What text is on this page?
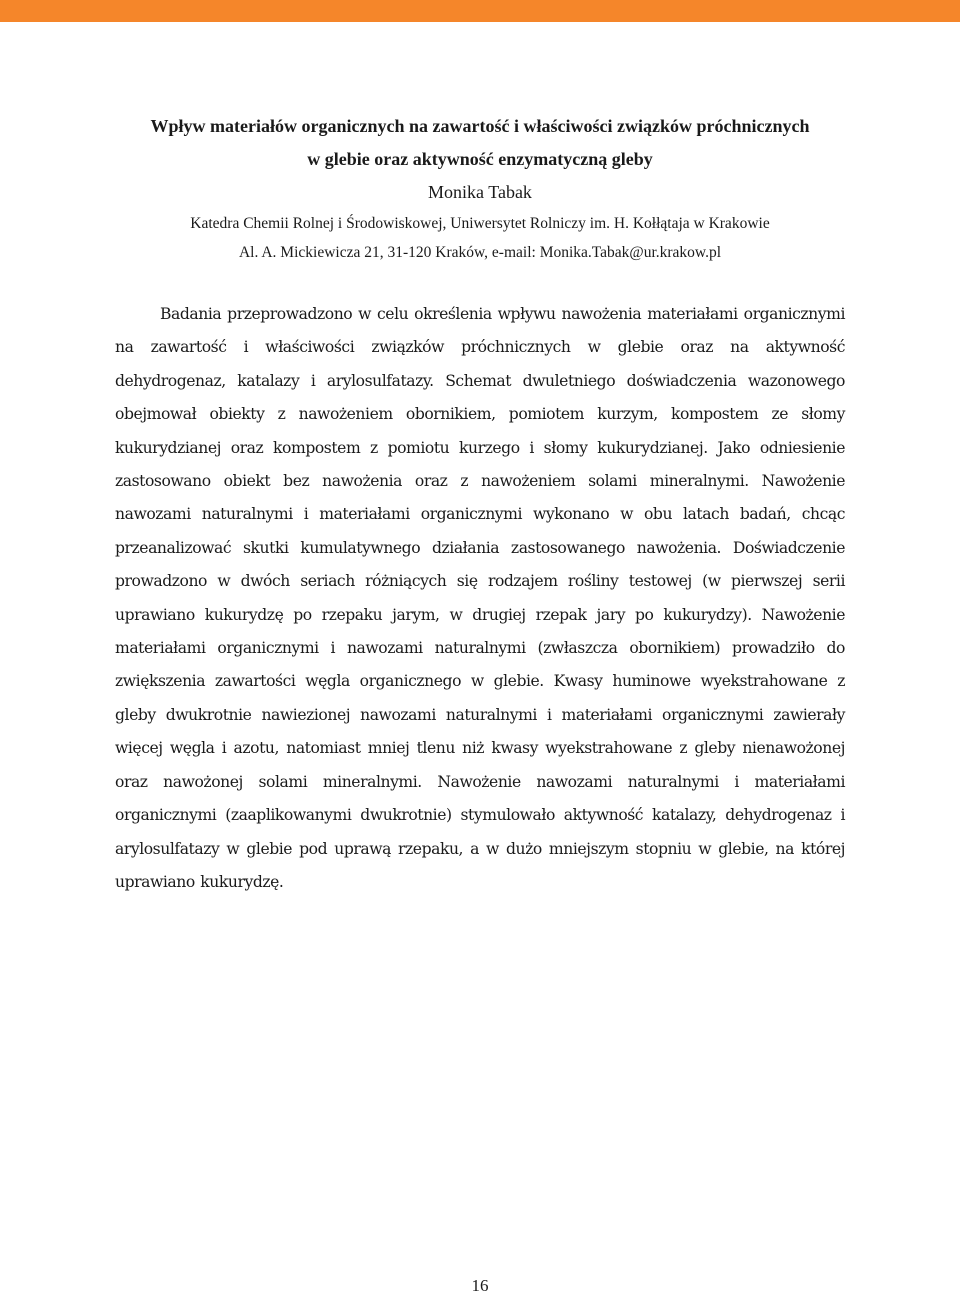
Wpływ materiałów organicznych na zawartość i właściwości związków próchnicznych
w glebie oraz aktywność enzymatyczną gleby
Monika Tabak
Katedra Chemii Rolnej i Środowiskowej, Uniwersytet Rolniczy im. H. Kołłątaja w Krakowie
Al. A. Mickiewicza 21, 31-120 Kraków, e-mail: Monika.Tabak@ur.krakow.pl

Badania przeprowadzono w celu określenia wpływu nawożenia materiałami organicznymi na zawartość i właściwości związków próchnicznych w glebie oraz na aktywność dehydrogenaz, katalazy i arylosulfatazy. Schemat dwuletniego doświadczenia wazonowego obejmował obiekty z nawożeniem obornikiem, pomiotem kurzym, kompostem ze słomy kukurydzianej oraz kompostem z pomiotu kurzego i słomy kukurydzianej. Jako odniesienie zastosowano obiekt bez nawożenia oraz z nawożeniem solami mineralnymi. Nawożenie nawozami naturalnymi i materiałami organicznymi wykonano w obu latach badań, chcąc przeanalizować skutki kumulatywnego działania zastosowanego nawożenia. Doświadczenie prowadzono w dwóch seriach różniących się rodzajem rośliny testowej (w pierwszej serii uprawiano kukurydzę po rzepaku jarym, w drugiej rzepak jary po kukurydzy). Nawożenie materiałami organicznymi i nawozami naturalnymi (zwłaszcza obornikiem) prowadziło do zwiększenia zawartości węgla organicznego w glebie. Kwasy huminowe wyekstrahowane z gleby dwukrotnie nawiezionej nawozami naturalnymi i materiałami organicznymi zawierały więcej węgla i azotu, natomiast mniej tlenu niż kwasy wyekstrahowane z gleby nienawożonej oraz nawożonej solami mineralnymi. Nawożenie nawozami naturalnymi i materiałami organicznymi (zaaplikowanymi dwukrotnie) stymulowało aktywność katalazy, dehydrogenaz i arylosulfatazy w glebie pod uprawą rzepaku, a w dużo mniejszym stopniu w glebie, na której uprawiano kukurydzę.

16
